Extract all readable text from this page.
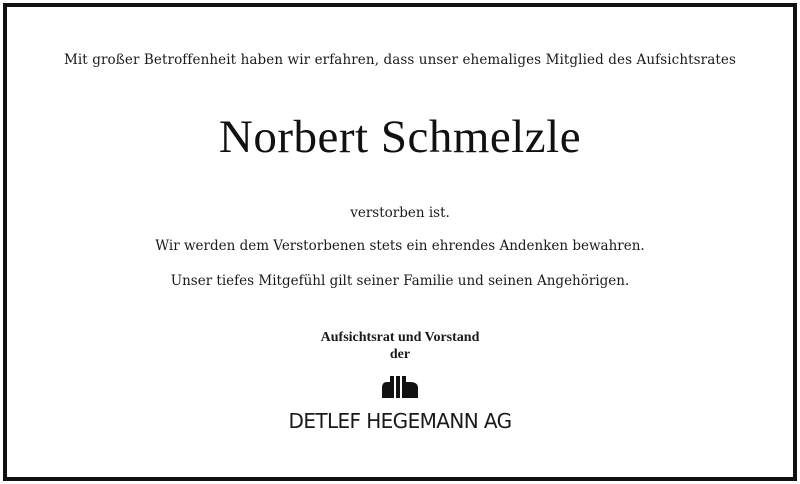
Mit großer Betroffenheit haben wir erfahren, dass unser ehemaliges Mitglied des Aufsichtsrates
Norbert Schmelzle
verstorben ist.
Wir werden dem Verstorbenen stets ein ehrendes Andenken bewahren.
Unser tiefes Mitgefühl gilt seiner Familie und seinen Angehörigen.
Aufsichtsrat und Vorstand
der
DETLEF HEGEMANN AG
